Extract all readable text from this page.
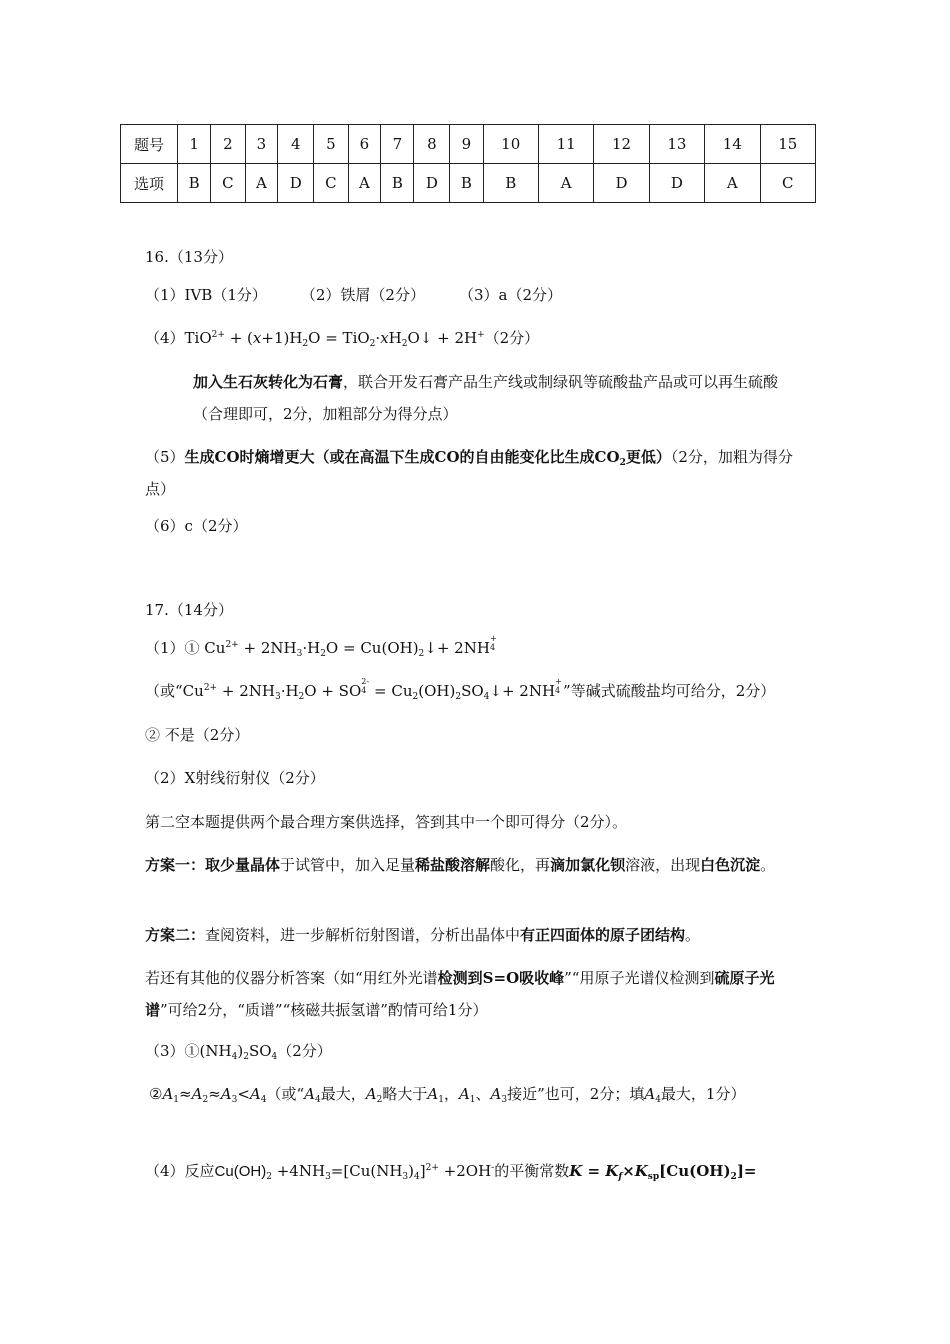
题号	1	2	3	4	5	6	7	8	9	10	11	12	13	14	15
选项	B	C	A	D	C	A	B	D	B	B	A	D	D	A	C
16.（13分）
（1）IVB（1分） （2）铁屑（2分） （3）a（2分）
$(4)TiO^{2+} + (x+1)H_2O$ = $TiO_2\cdot xH_2O↓ + 2H^+(2$分）
加入生石灰转化为石膏，联合开发石膏产品生产线或制绿矾等硫酸盐产品或可以再生硫酸（合理即可，2分，加粗部分为得分点）
（5）生成CO时熵增更大（或在高温下生成CO的自由能变化比生成$CO_2$更低）（2分，加粗为得分点）
（6）c（2分）
17.（14分）
（1）① $Cu^{2+} + 2NH_3\cdot H_2O$ = $Cu(OH)_2↓+ 2NH$
+
4
（或“$Cu^{2+} + 2NH_3\cdot H_2O$ + SO
2-
$4 = Cu_2(OH)_2SO_4↓+ 2NH$
+
4 ”等碱式硫酸盐均可给分，2分）
② 不是（2分）
（2）X射线衍射仪（2分）
第二空本题提供两个最合理方案供选择，答到其中一个即可得分（2分）。
方案一：取少量晶体于试管中，加入足量稀盐酸溶解酸化，再滴加氯化钡溶液，出现白色沉淀。
方案二：查阅资料，进一步解析衍射图谱，分析出晶体中有正四面体的原子团结构。
若还有其他的仪器分析答案（如“用红外光谱检测到S=O吸收峰”“用原子光谱仪检测到硫原子光谱”可给2分，“质谱”“核磁共振氢谱”酌情可给1分）
$(3)①(NH_4)_2SO_4(2$分）
$②A_1\approx A_2\approx A_3<A_4$（或“$A_4$最大，$A_2$略大于$A_1$，$A_1$、$A_3$接近”也可，2分；填$A_4$最大，1分）
（4）反应$Cu(OH)_2 +4NH_3=[Cu(NH_3)_4]^{2+} +2OH^-$的平衡常数$K = K_f\times K_{sp}[Cu(OH)_2]=$
